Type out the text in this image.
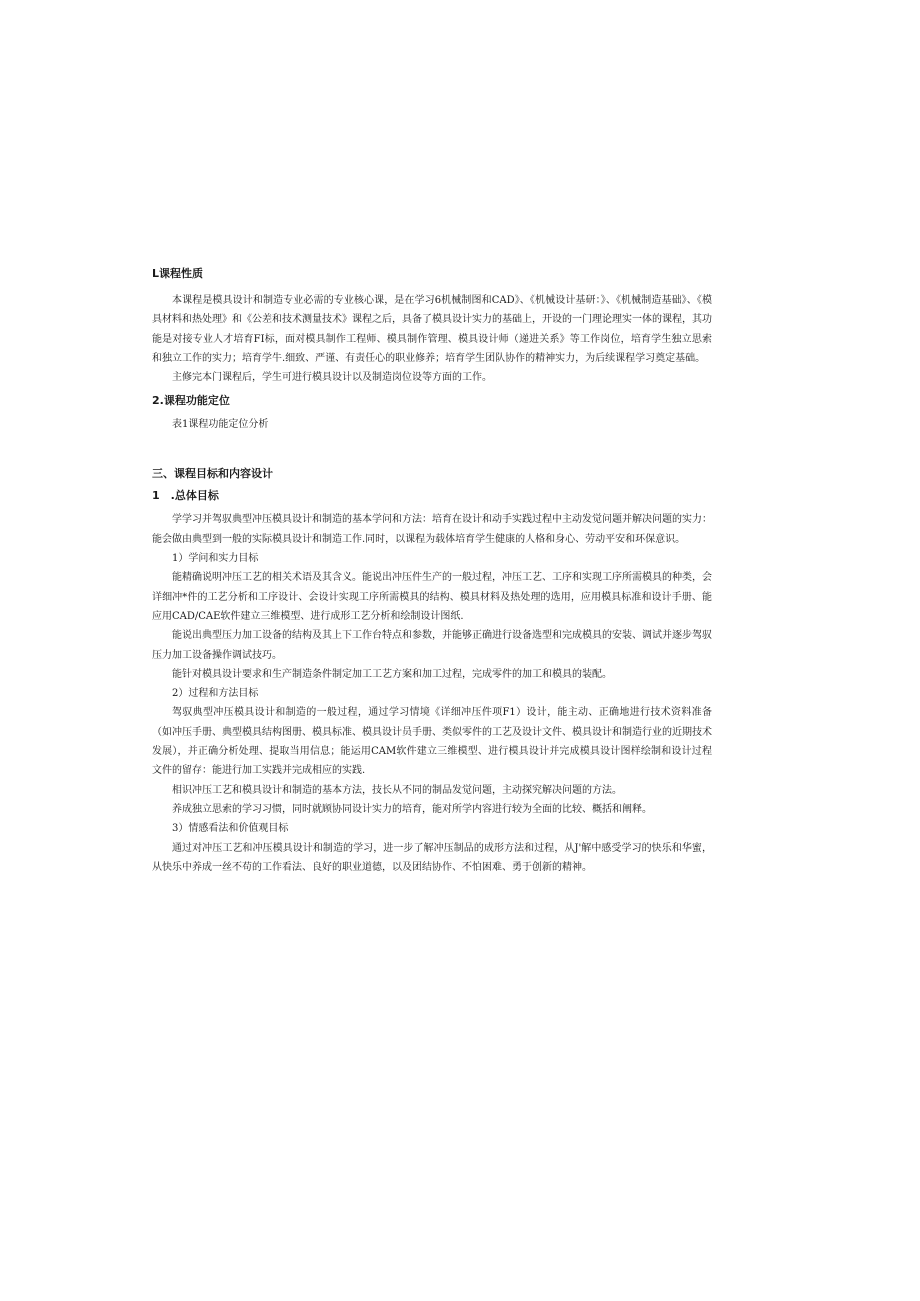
L课程性质

本课程是模具设计和制造专业必需的专业核心课，是在学习6机械制图和CAD》、《机械设计基研：》、《机械制造基础》、《模具材料和热处理》和《公差和技术测量技术》课程之后，具备了模具设计实力的基础上，开设的一门理论理实一体的课程，其功能是对接专业人才培育FI标，面对模具制作工程师、模具制作管理、模具设计师（递进关系》等工作岗位，培育学生独立思索和独立工作的实力；培育学牛.细致、严谨、有责任心的职业修养；培育学生团队协作的精神实力，为后续课程学习奠定基础。

主修完本门课程后，学生可进行模具设计以及制造岗位设等方面的工作。

2.课程功能定位

表1课程功能定位分析

三、课程目标和内容设计

1　.总体目标

学学习并驾驭典型冲压模具设计和制造的基本学问和方法：培育在设计和动手实践过程中主动发觉问题并解决问题的实力：能会做由典型到一般的实际模具设计和制造工作.同时，以课程为载体培育学生健康的人格和身心、劳动平安和环保意识。

1）学问和实力目标

能精确说明冲压工艺的相关术语及其含义。能说出冲压件生产的一般过程，冲压工艺、工序和实现工序所需模具的种类，会详细冲*件的工艺分析和工序设计、会设计实现工序所需模具的结构、模具材料及热处理的选用，应用模具标准和设计手册、能应用CAD/CAE软件建立三维模型、进行成形工艺分析和绘制设计图纸.

能说出典型压力加工设备的结构及其上下工作台特点和参数，并能够正确进行设备选型和完成模具的安装、调试并逐步驾驭压力加工设备操作调试技巧。

能针对模具设计要求和生产制造条件制定加工工艺方案和加工过程，完成零件的加工和模具的装配。

2）过程和方法目标

驾驭典型冲压模具设计和制造的一般过程，通过学习情境《详细冲压件项F1）设计，能主动、正确地进行技术资料准备（如冲压手册、典型模具结构图册、模具标准、模具设计员手册、类似零件的工艺及设计文件、模具设计和制造行业的近期技术发展），并正确分析处理、提取当用信息；能运用CAM软件建立三维模型、进行模具设计并完成模具设计图样绘制和设计过程文件的留存：能进行加工实践并完成相应的实践.

相识冲压工艺和模具设计和制造的基本方法，技长从不同的制品发觉问题，主动探究解决问题的方法。

养成独立思索的学习习惯，同时就顾协同设计实力的培育，能对所学内容进行较为全面的比较、概括和阐释。

3）情感看法和价值观目标

通过对冲压工艺和冲压模具设计和制造的学习，进一步了解冲压制品的成形方法和过程，从J'解中感受学习的快乐和华蜜，从快乐中养成一丝不苟的工作看法、良好的职业道德，以及团结协作、不怕困难、勇于创新的精神。
